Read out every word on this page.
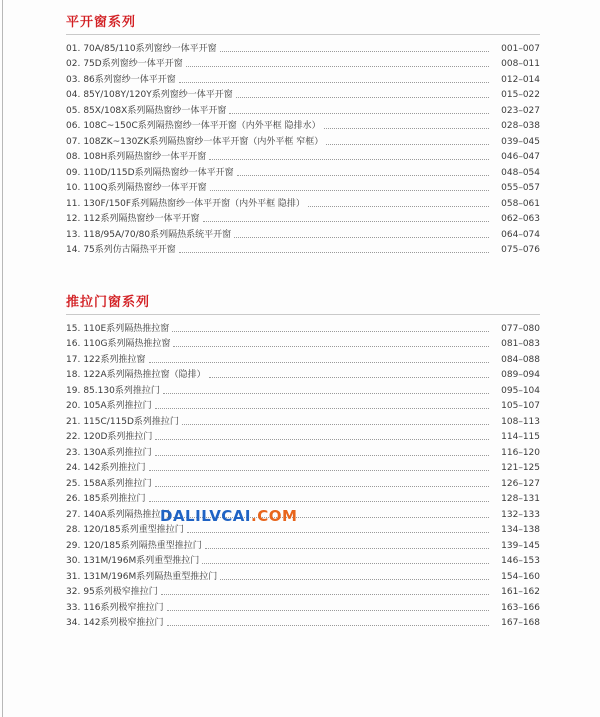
平开窗系列
01. 70A/85/110系列窗纱一体平开窗	001–007
02. 75D系列窗纱一体平开窗	008–011
03. 86系列窗纱一体平开窗	012–014
04. 85Y/108Y/120Y系列窗纱一体平开窗	015–022
05. 85X/108X系列隔热窗纱一体平开窗	023–027
06. 108C~150C系列隔热窗纱一体平开窗（内外平框 隐排水）	028–038
07. 108ZK~130ZK系列隔热窗纱一体平开窗（内外平框 窄框）	039–045
08. 108H系列隔热窗纱一体平开窗	046–047
09. 110D/115D系列隔热窗纱一体平开窗	048–054
10. 110Q系列隔热窗纱一体平开窗	055–057
11. 130F/150F系列隔热窗纱一体平开窗（内外平框 隐排）	058–061
12. 112系列隔热窗纱一体平开窗	062–063
13. 118/95A/70/80系列隔热系统平开窗	064–074
14. 75系列仿古隔热平开窗	075–076
推拉门窗系列
15. 110E系列隔热推拉窗	077–080
16. 110G系列隔热推拉窗	081–083
17. 122系列推拉窗	084–088
18. 122A系列隔热推拉窗（隐排）	089–094
19. 85.130系列推拉门	095–104
20. 105A系列推拉门	105–107
21. 115C/115D系列推拉门	108–113
22. 120D系列推拉门	114–115
23. 130A系列推拉门	116–120
24. 142系列推拉门	121–125
25. 158A系列推拉门	126–127
26. 185系列推拉门	128–131
27. 140A系列隔热推拉门	132–133
28. 120/185系列重型推拉门	134–138
29. 120/185系列隔热重型推拉门	139–145
30. 131M/196M系列重型推拉门	146–153
31. 131M/196M系列隔热重型推拉门	154–160
32. 95系列极窄推拉门	161–162
33. 116系列极窄推拉门	163–166
34. 142系列极窄推拉门	167–168
DALILVCAI.COM
